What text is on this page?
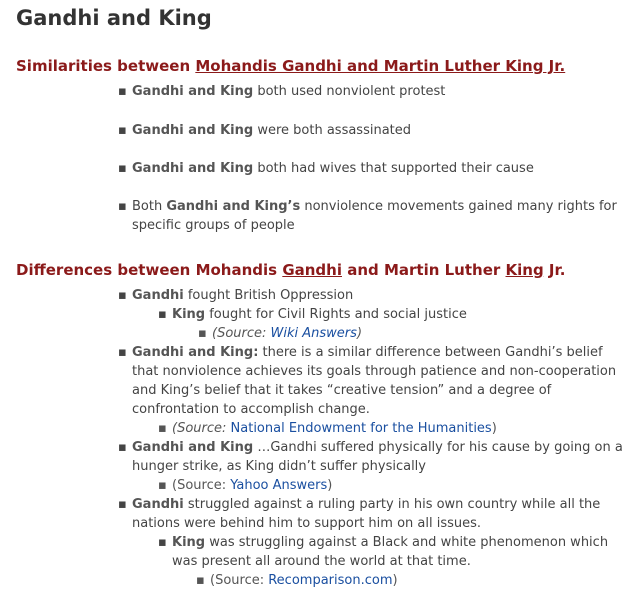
Gandhi and King
Similarities between Mohandis Gandhi and Martin Luther King Jr.
▪ Gandhi and King both used nonviolent protest
▪ Gandhi and King were both assassinated
▪ Gandhi and King both had wives that supported their cause
▪ Both Gandhi and King’s nonviolence movements gained many rights for specific groups of people
Differences between Mohandis Gandhi and Martin Luther King Jr.
▪ Gandhi fought British Oppression
▪ King fought for Civil Rights and social justice
▪ (Source: Wiki Answers)
▪ Gandhi and King: there is a similar difference between Gandhi’s belief that nonviolence achieves its goals through patience and non-cooperation and King’s belief that it takes “creative tension” and a degree of confrontation to accomplish change.
▪ (Source: National Endowment for the Humanities)
▪ Gandhi and King …Gandhi suffered physically for his cause by going on a hunger strike, as King didn’t suffer physically
▪ (Source: Yahoo Answers)
▪ Gandhi struggled against a ruling party in his own country while all the nations were behind him to support him on all issues.
▪ King was struggling against a Black and white phenomenon which was present all around the world at that time.
▪ (Source: Recomparison.com)
